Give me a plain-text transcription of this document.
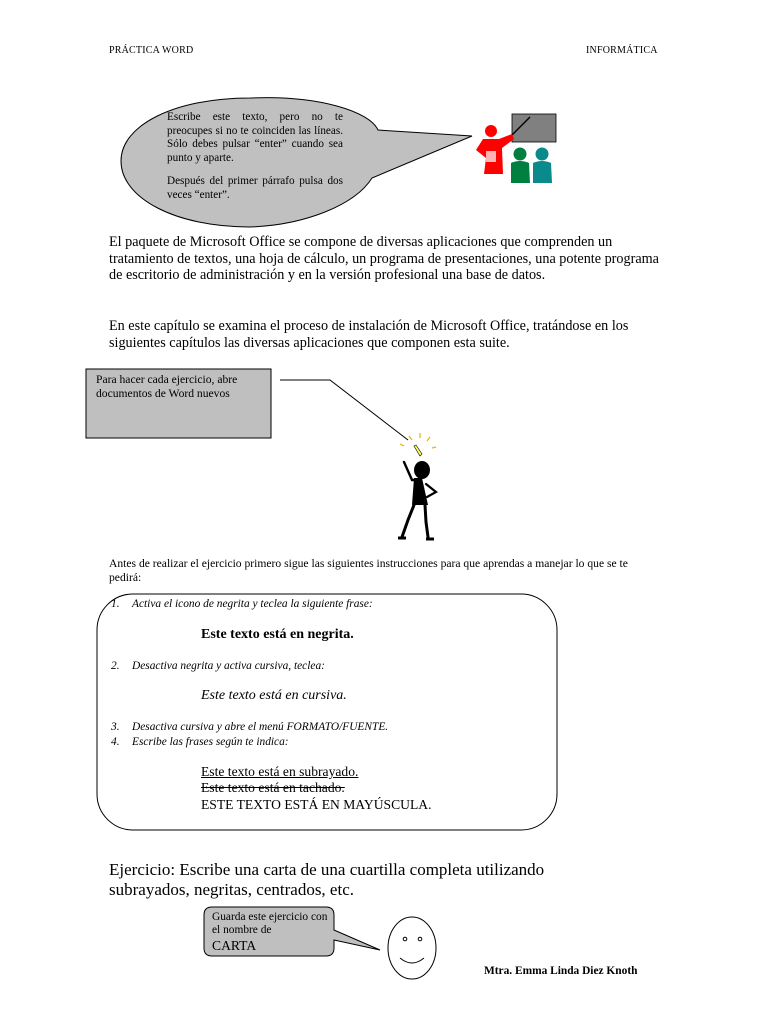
PRÁCTICA WORD	INFORMÁTICA
Escribe este texto, pero no te preocupes si no te coinciden las líneas. Sólo debes pulsar “enter” cuando sea punto y aparte.
Después del primer párrafo pulsa dos veces “enter”.
El paquete de Microsoft Office se compone de diversas aplicaciones que comprenden un tratamiento de textos, una hoja de cálculo, un programa de presentaciones, una potente programa de escritorio de administración y en la versión profesional una base de datos.
En este capítulo se examina el proceso de instalación de Microsoft Office, tratándose en los siguientes capítulos las diversas aplicaciones que componen esta suite.
Para hacer cada ejercicio, abre documentos de Word nuevos
Antes de realizar el ejercicio primero sigue las siguientes instrucciones para que aprendas a manejar lo que se te pedirá:
1. Activa el icono de negrita y teclea la siguiente frase:
Este texto está en negrita.
2. Desactiva negrita y activa cursiva, teclea:
Este texto está en cursiva.
3. Desactiva cursiva y abre el menú FORMATO/FUENTE.
4. Escribe las frases según te indica:
Este texto está en subrayado.
Este texto está en tachado.
ESTE TEXTO ESTÁ EN MAYÚSCULA.
Ejercicio: Escribe una carta de una cuartilla completa utilizando subrayados, negritas, centrados, etc.
Guarda este ejercicio con el nombre de
CARTA
Mtra. Emma Linda Diez Knoth
